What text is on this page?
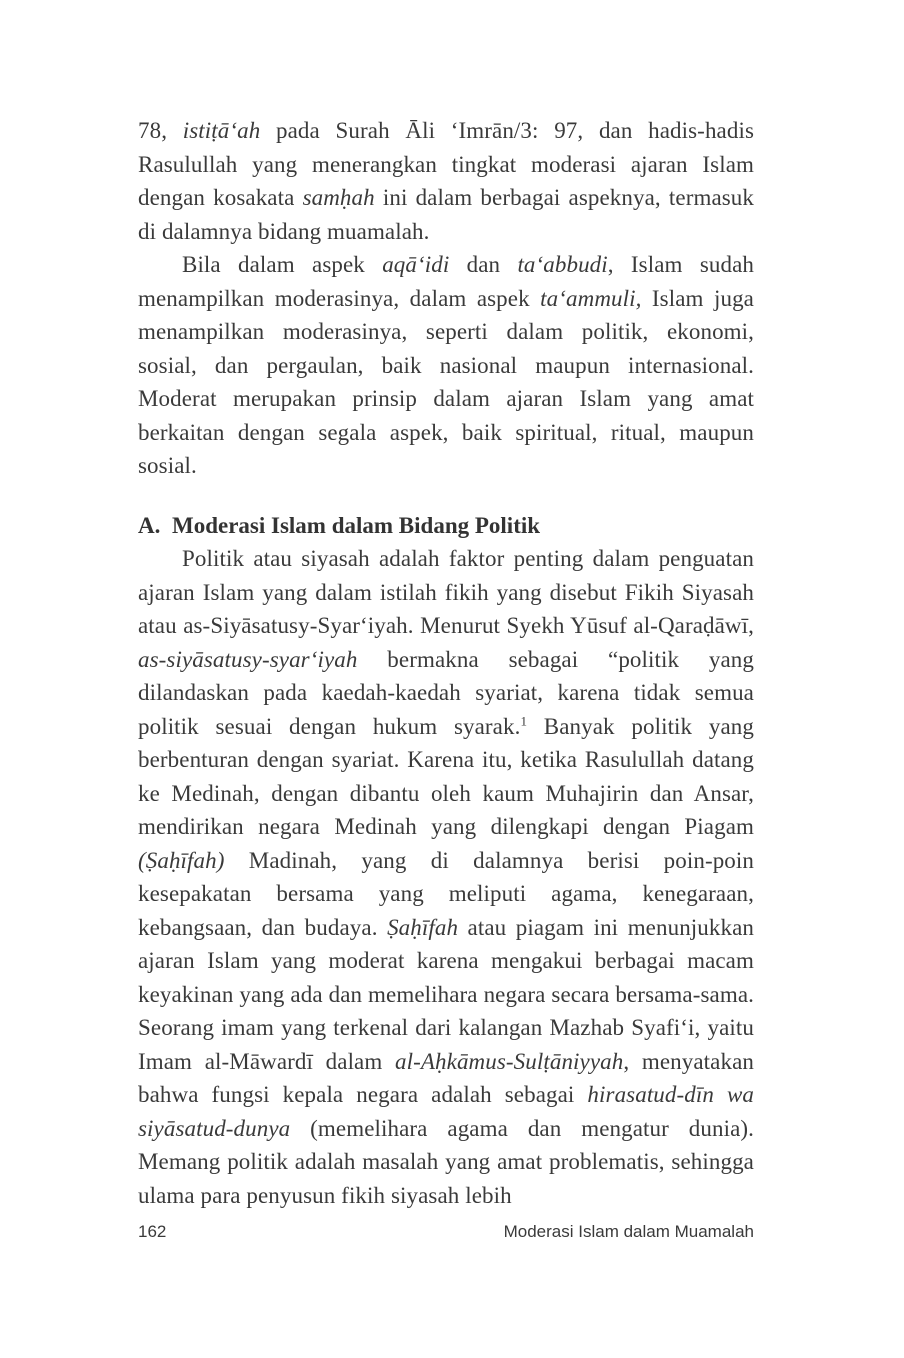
78, istiṭā‘ah pada Surah Āli ‘Imrān/3: 97, dan hadis-hadis Rasulullah yang menerangkan tingkat moderasi ajaran Islam dengan kosakata samḥah ini dalam berbagai aspeknya, termasuk di dalamnya bidang muamalah.

Bila dalam aspek aqā‘idi dan ta‘abbudi, Islam sudah menampilkan moderasinya, dalam aspek ta‘ammuli, Islam juga menampilkan moderasinya, seperti dalam politik, ekonomi, sosial, dan pergaulan, baik nasional maupun internasional. Moderat merupakan prinsip dalam ajaran Islam yang amat berkaitan dengan segala aspek, baik spiritual, ritual, maupun sosial.

A. Moderasi Islam dalam Bidang Politik

Politik atau siyasah adalah faktor penting dalam penguatan ajaran Islam yang dalam istilah fikih yang disebut Fikih Siyasah atau as-Siyāsatusy-Syar‘iyah. Menurut Syekh Yūsuf al-Qaraḍāwī, as-siyāsatusy-syar‘iyah bermakna sebagai “politik yang dilandaskan pada kaedah-kaedah syariat, karena tidak semua politik sesuai dengan hukum syarak.$^1$ Banyak politik yang berbenturan dengan syariat. Karena itu, ketika Rasulullah datang ke Medinah, dengan dibantu oleh kaum Muhajirin dan Ansar, mendirikan negara Medinah yang dilengkapi dengan Piagam (Ṣaḥīfah) Madinah, yang di dalamnya berisi poin-poin kesepakatan bersama yang meliputi agama, kenegaraan, kebangsaan, dan budaya. Ṣaḥīfah atau piagam ini menunjukkan ajaran Islam yang moderat karena mengakui berbagai macam keyakinan yang ada dan memelihara negara secara bersama-sama. Seorang imam yang terkenal dari kalangan Mazhab Syafi‘i, yaitu Imam al-Māwardī dalam al-Aḥkāmus-Sulṭāniyyah, menyatakan bahwa fungsi kepala negara adalah sebagai hirasatud-dīn wa siyāsatud-dunya (memelihara agama dan mengatur dunia). Memang politik adalah masalah yang amat problematis, sehingga ulama para penyusun fikih siyasah lebih

162	Moderasi Islam dalam Muamalah
